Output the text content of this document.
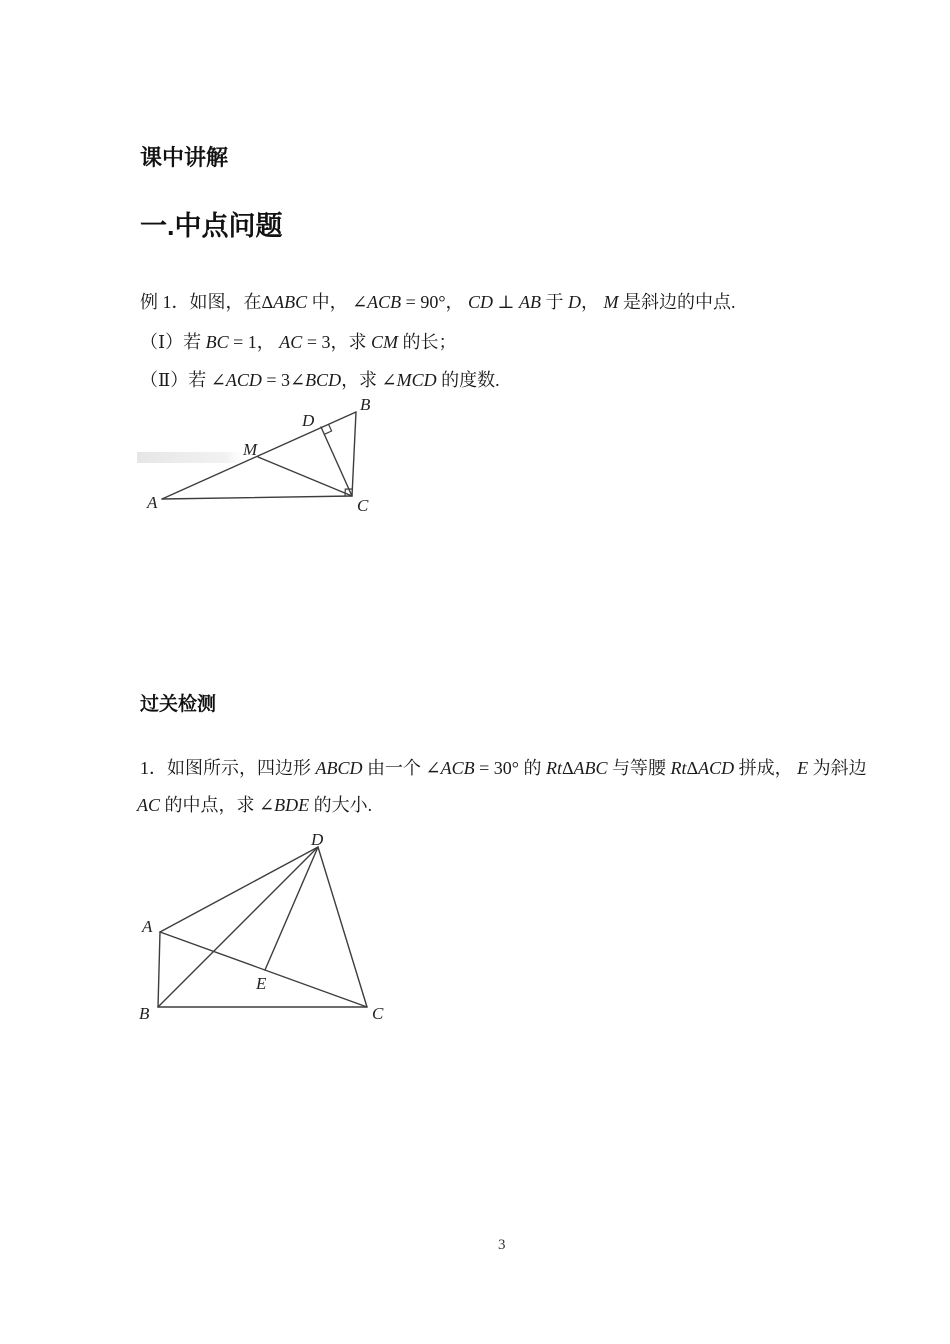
课中讲解
一.中点问题
例 1．如图，在ΔABC 中， ∠ACB = 90°， CD ⊥ AB 于 D， M 是斜边的中点.
（Ⅰ）若 BC = 1， AC = 3，求 CM 的长；
（Ⅱ）若 ∠ACD = 3∠BCD，求 ∠MCD 的度数.
A
B
C
D
M
过关检测
1．如图所示，四边形 ABCD 由一个 ∠ACB = 30° 的 RtΔABC 与等腰 RtΔACD 拼成， E 为斜边
AC 的中点，求 ∠BDE 的大小.
D
A
B	C
E
3
